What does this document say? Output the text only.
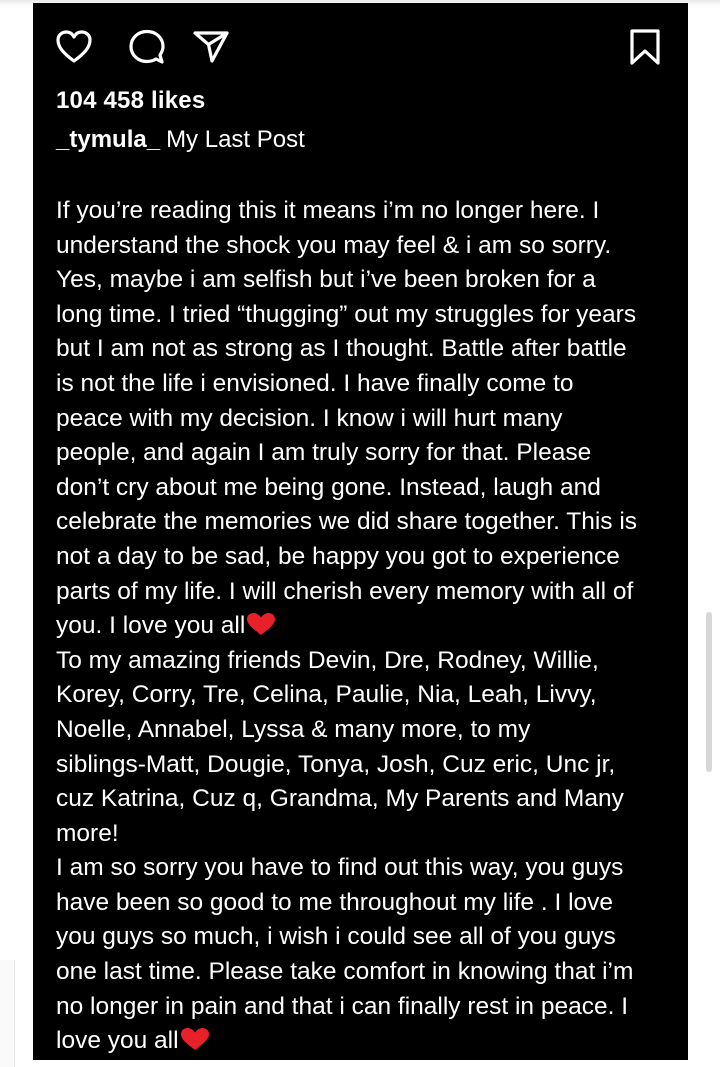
104 458 likes
_tymula_ My Last Post
If you’re reading this it means i’m no longer here. I
understand the shock you may feel & i am so sorry.
Yes, maybe i am selfish but i’ve been broken for a
long time. I tried “thugging” out my struggles for years
but I am not as strong as I thought. Battle after battle
is not the life i envisioned. I have finally come to
peace with my decision. I know i will hurt many
people, and again I am truly sorry for that. Please
don’t cry about me being gone. Instead, laugh and
celebrate the memories we did share together. This is
not a day to be sad, be happy you got to experience
parts of my life. I will cherish every memory with all of
you. I love you all
To my amazing friends Devin, Dre, Rodney, Willie,
Korey, Corry, Tre, Celina, Paulie, Nia, Leah, Livvy,
Noelle, Annabel, Lyssa & many more, to my
siblings-Matt, Dougie, Tonya, Josh, Cuz eric, Unc jr,
cuz Katrina, Cuz q, Grandma, My Parents and Many
more!
I am so sorry you have to find out this way, you guys
have been so good to me throughout my life . I love
you guys so much, i wish i could see all of you guys
one last time. Please take comfort in knowing that i’m
no longer in pain and that i can finally rest in peace. I
love you all
